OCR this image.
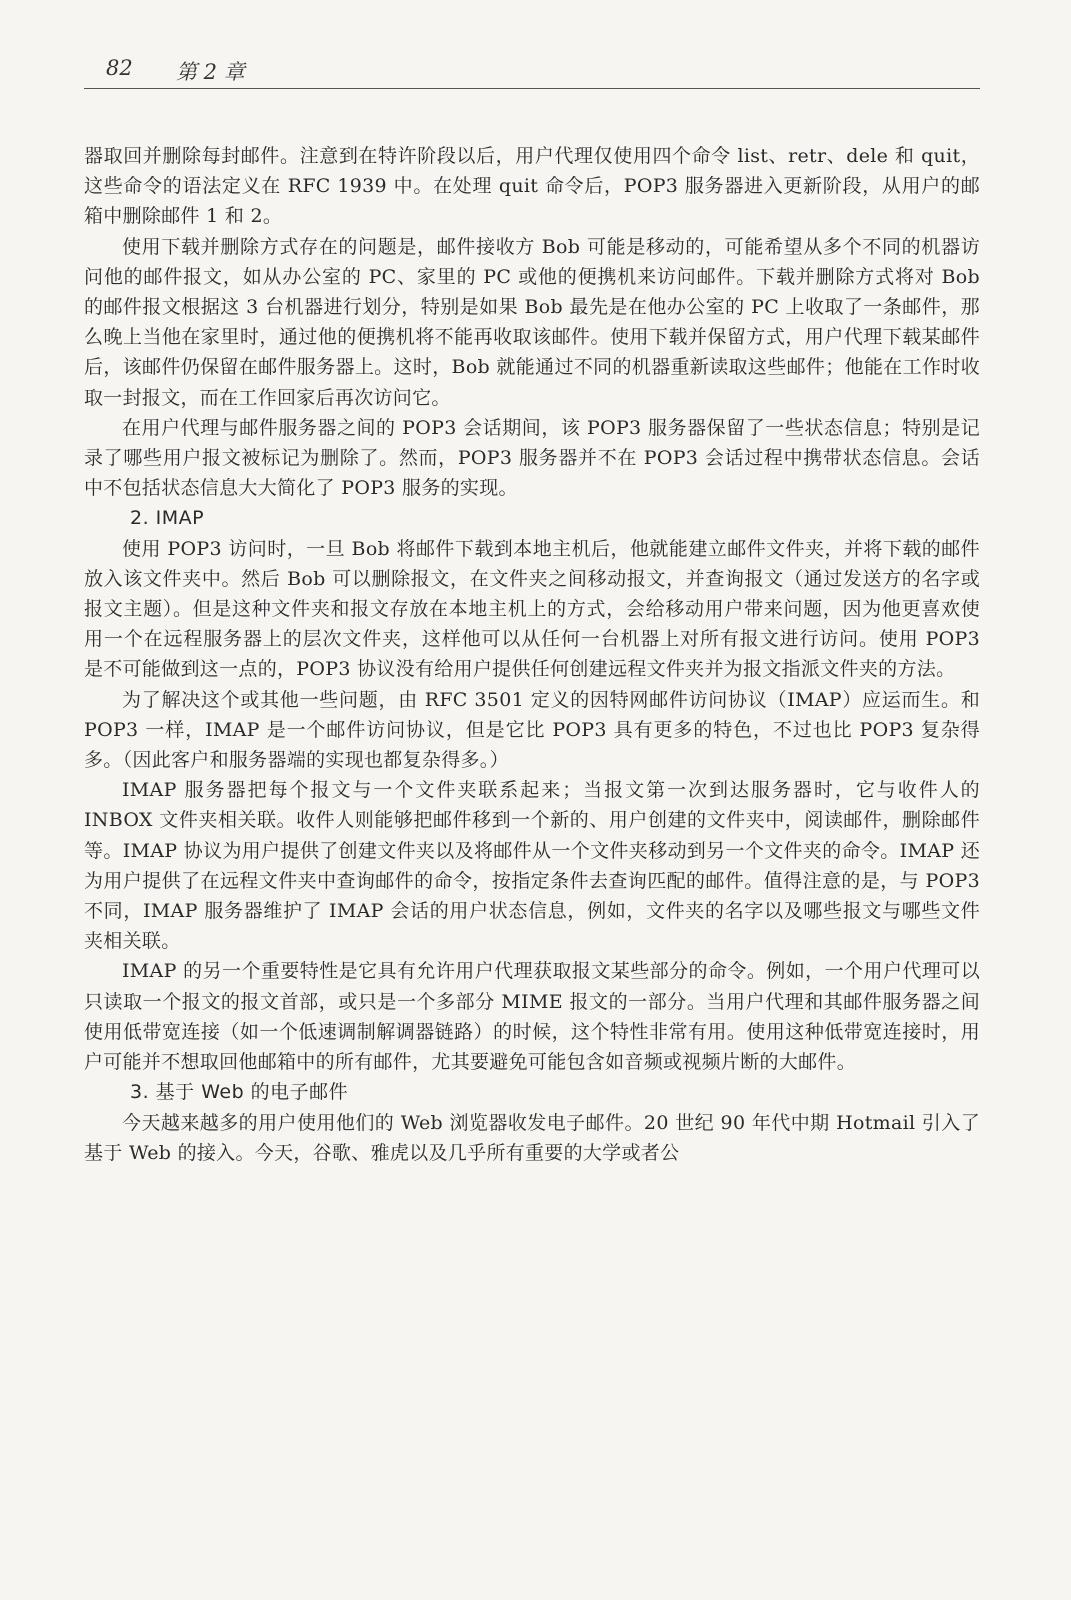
82 第 2 章

器取回并删除每封邮件。注意到在特许阶段以后，用户代理仅使用四个命令 list、retr、dele 和 quit，这些命令的语法定义在 RFC 1939 中。在处理 quit 命令后，POP3 服务器进入更新阶段，从用户的邮箱中删除邮件 1 和 2。

使用下载并删除方式存在的问题是，邮件接收方 Bob 可能是移动的，可能希望从多个不同的机器访问他的邮件报文，如从办公室的 PC、家里的 PC 或他的便携机来访问邮件。下载并删除方式将对 Bob 的邮件报文根据这 3 台机器进行划分，特别是如果 Bob 最先是在他办公室的 PC 上收取了一条邮件，那么晚上当他在家里时，通过他的便携机将不能再收取该邮件。使用下载并保留方式，用户代理下载某邮件后，该邮件仍保留在邮件服务器上。这时，Bob 就能通过不同的机器重新读取这些邮件；他能在工作时收取一封报文，而在工作回家后再次访问它。

在用户代理与邮件服务器之间的 POP3 会话期间，该 POP3 服务器保留了一些状态信息；特别是记录了哪些用户报文被标记为删除了。然而，POP3 服务器并不在 POP3 会话过程中携带状态信息。会话中不包括状态信息大大简化了 POP3 服务的实现。

2. IMAP

使用 POP3 访问时，一旦 Bob 将邮件下载到本地主机后，他就能建立邮件文件夹，并将下载的邮件放入该文件夹中。然后 Bob 可以删除报文，在文件夹之间移动报文，并查询报文（通过发送方的名字或报文主题）。但是这种文件夹和报文存放在本地主机上的方式，会给移动用户带来问题，因为他更喜欢使用一个在远程服务器上的层次文件夹，这样他可以从任何一台机器上对所有报文进行访问。使用 POP3 是不可能做到这一点的，POP3 协议没有给用户提供任何创建远程文件夹并为报文指派文件夹的方法。

为了解决这个或其他一些问题，由 RFC 3501 定义的因特网邮件访问协议（IMAP）应运而生。和 POP3 一样，IMAP 是一个邮件访问协议，但是它比 POP3 具有更多的特色，不过也比 POP3 复杂得多。（因此客户和服务器端的实现也都复杂得多。）

IMAP 服务器把每个报文与一个文件夹联系起来；当报文第一次到达服务器时，它与收件人的 INBOX 文件夹相关联。收件人则能够把邮件移到一个新的、用户创建的文件夹中，阅读邮件，删除邮件等。IMAP 协议为用户提供了创建文件夹以及将邮件从一个文件夹移动到另一个文件夹的命令。IMAP 还为用户提供了在远程文件夹中查询邮件的命令，按指定条件去查询匹配的邮件。值得注意的是，与 POP3 不同，IMAP 服务器维护了 IMAP 会话的用户状态信息，例如，文件夹的名字以及哪些报文与哪些文件夹相关联。

IMAP 的另一个重要特性是它具有允许用户代理获取报文某些部分的命令。例如，一个用户代理可以只读取一个报文的报文首部，或只是一个多部分 MIME 报文的一部分。当用户代理和其邮件服务器之间使用低带宽连接（如一个低速调制解调器链路）的时候，这个特性非常有用。使用这种低带宽连接时，用户可能并不想取回他邮箱中的所有邮件，尤其要避免可能包含如音频或视频片断的大邮件。

3. 基于 Web 的电子邮件

今天越来越多的用户使用他们的 Web 浏览器收发电子邮件。20 世纪 90 年代中期 Hotmail 引入了基于 Web 的接入。今天，谷歌、雅虎以及几乎所有重要的大学或者公
